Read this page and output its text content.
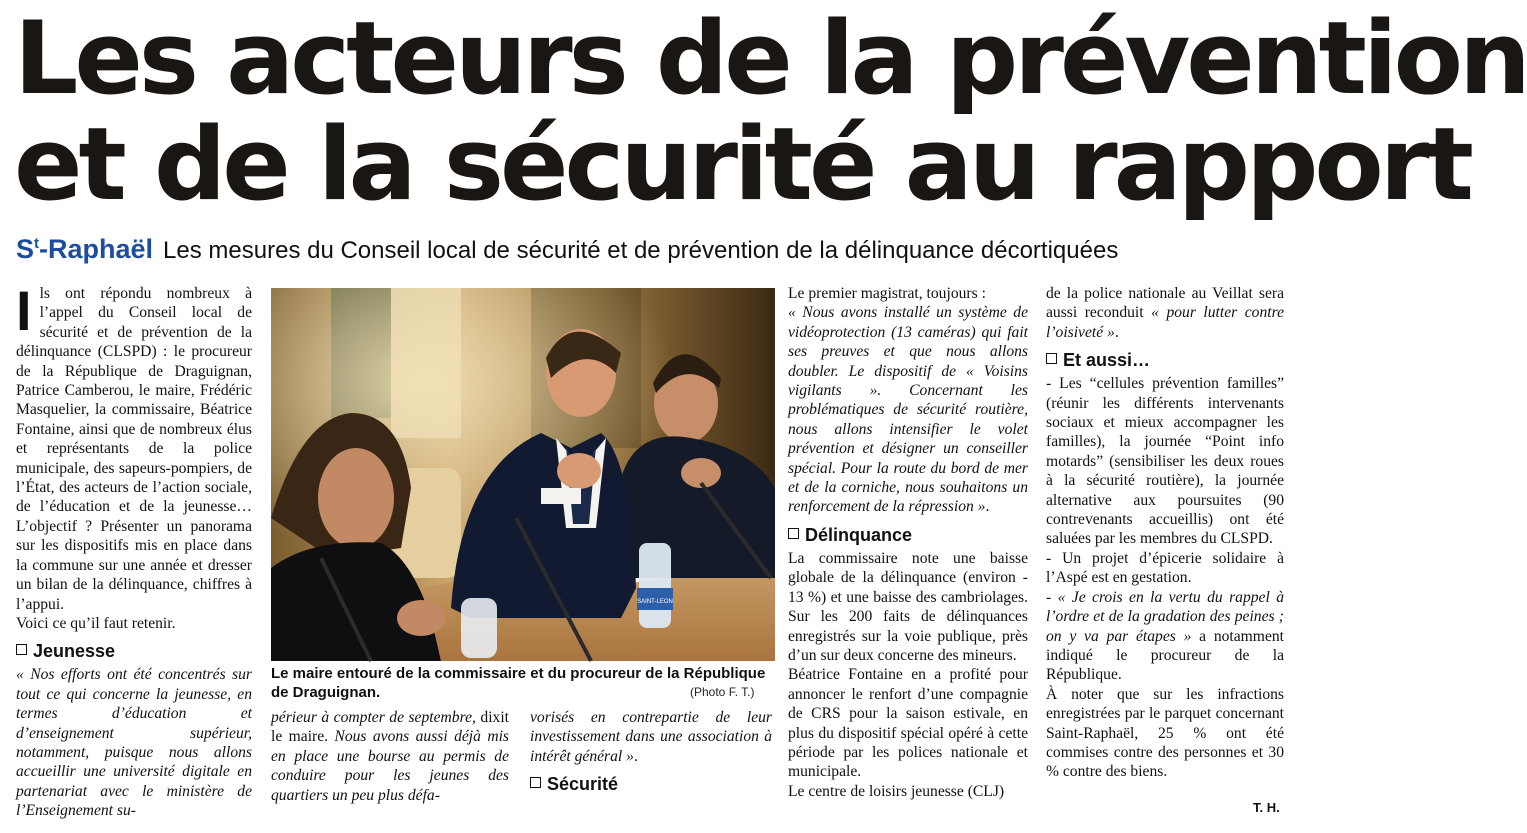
Les acteurs de la prévention
et de la sécurité au rapport
$S^t$-Raphaël Les mesures du Conseil local de sécurité et de prévention de la délinquance décortiquées

Ils ont répondu nombreux à l’appel du Conseil local de sécurité et de prévention de la délinquance (CLSPD) : le procureur de la République de Draguignan, Patrice Camberou, le maire, Frédéric Masquelier, la commissaire, Béatrice Fontaine, ainsi que de nombreux élus et représentants de la police municipale, des sapeurs-pompiers, de l’État, des acteurs de l’action sociale, de l’éducation et de la jeunesse… L’objectif ? Présenter un panorama sur les dispositifs mis en place dans la commune sur une année et dresser un bilan de la délinquance, chiffres à l’appui.

Voici ce qu’il faut retenir.

Jeunesse

« Nos efforts ont été concentrés sur tout ce qui concerne la jeunesse, en termes d’éducation et d’enseignement supérieur, notamment, puisque nous allons accueillir une université digitale en partenariat avec le ministère de l’Enseignement su-

SAINT-LEON
Le maire entouré de la commissaire et du procureur de la République de Draguignan.	(Photo F. T.)

périeur à compter de septembre, dixit le maire. Nous avons aussi déjà mis en place une bourse au permis de conduire pour les jeunes des quartiers un peu plus défa-

vorisés en contrepartie de leur investissement dans une association à intérêt général ».

Sécurité

Le premier magistrat, toujours :

« Nous avons installé un système de vidéoprotection (13 caméras) qui fait ses preuves et que nous allons doubler. Le dispositif de « Voisins vigilants ». Concernant les problématiques de sécurité routière, nous allons intensifier le volet prévention et désigner un conseiller spécial. Pour la route du bord de mer et de la corniche, nous souhaitons un renforcement de la répression ».

Délinquance

La commissaire note une baisse globale de la délinquance (environ - 13 %) et une baisse des cambriolages. Sur les 200 faits de délinquances enregistrés sur la voie publique, près d’un sur deux concerne des mineurs.

Béatrice Fontaine en a profité pour annoncer le renfort d’une compagnie de CRS pour la saison estivale, en plus du dispositif spécial opéré à cette période par les polices nationale et municipale.

Le centre de loisirs jeunesse (CLJ)

de la police nationale au Veillat sera aussi reconduit « pour lutter contre l’oisiveté ».

Et aussi…

- Les “cellules prévention familles” (réunir les différents intervenants sociaux et mieux accompagner les familles), la journée “Point info motards” (sensibiliser les deux roues à la sécurité routière), la journée alternative aux poursuites (90 contrevenants accueillis) ont été saluées par les membres du CLSPD.

- Un projet d’épicerie solidaire à l’Aspé est en gestation.

- « Je crois en la vertu du rappel à l’ordre et de la gradation des peines ; on y va par étapes » a notamment indiqué le procureur de la République.

À noter que sur les infractions enregistrées par le parquet concernant Saint-Raphaël, 25 % ont été commises contre des personnes et 30 % contre des biens.

T. H.
